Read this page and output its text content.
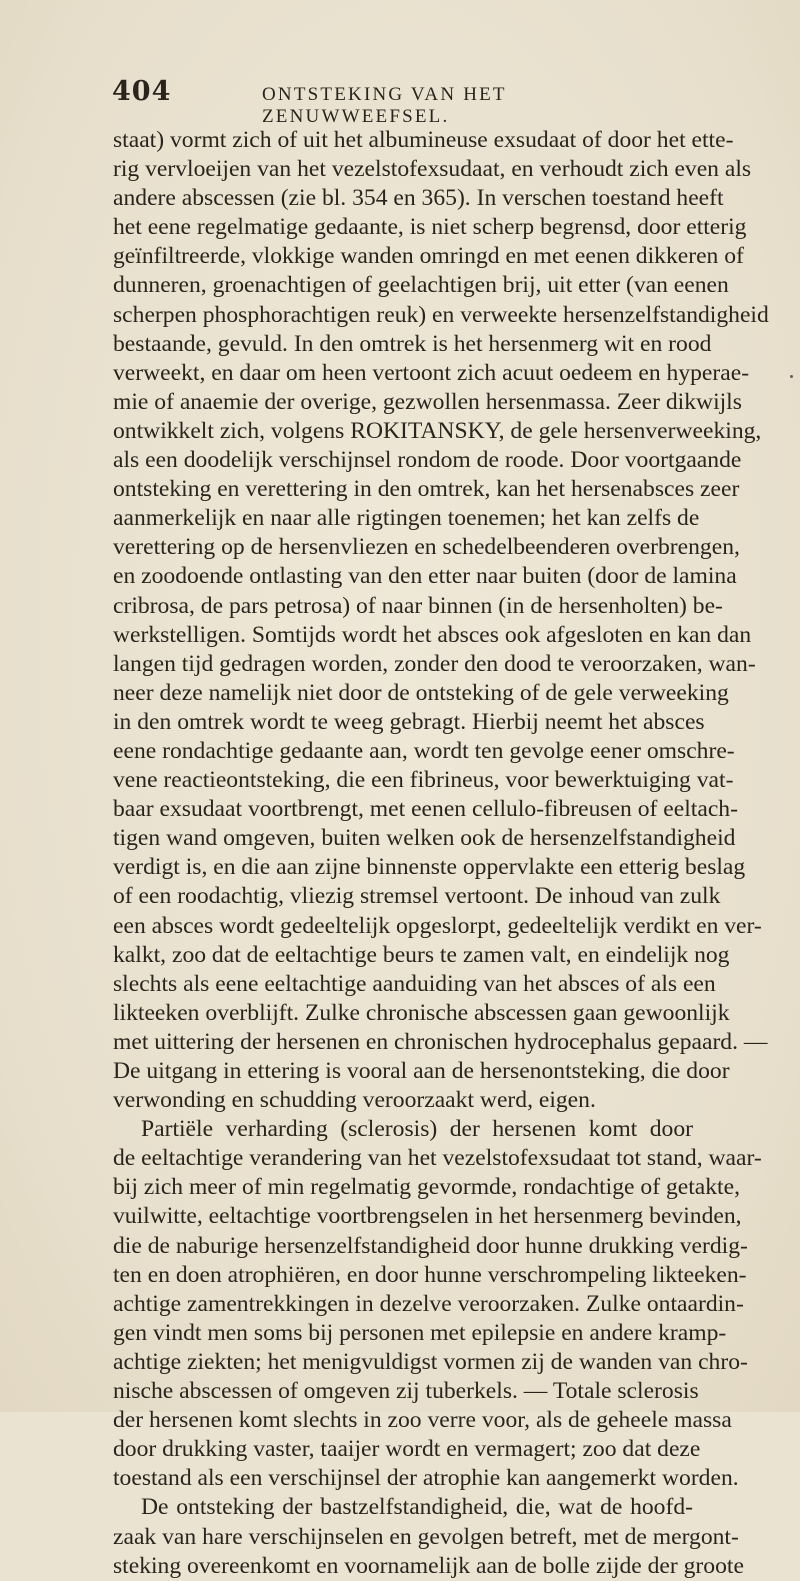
404	ONTSTEKING VAN HET ZENUWWEEFSEL.
staat) vormt zich of uit het albumineuse exsudaat of door het ette-
rig vervloeijen van het vezelstofexsudaat, en verhoudt zich even als
andere abscessen (zie bl. 354 en 365). In verschen toestand heeft
het eene regelmatige gedaante, is niet scherp begrensd, door etterig
geïnfiltreerde, vlokkige wanden omringd en met eenen dikkeren of
dunneren, groenachtigen of geelachtigen brij, uit etter (van eenen
scherpen phosphorachtigen reuk) en verweekte hersenzelfstandigheid
bestaande, gevuld. In den omtrek is het hersenmerg wit en rood
verweekt, en daar om heen vertoont zich acuut oedeem en hyperae-
mie of anaemie der overige, gezwollen hersenmassa. Zeer dikwijls
ontwikkelt zich, volgens ROKITANSKY, de gele hersenverweeking,
als een doodelijk verschijnsel rondom de roode. Door voortgaande
ontsteking en verettering in den omtrek, kan het hersenabsces zeer
aanmerkelijk en naar alle rigtingen toenemen; het kan zelfs de
verettering op de hersenvliezen en schedelbeenderen overbrengen,
en zoodoende ontlasting van den etter naar buiten (door de lamina
cribrosa, de pars petrosa) of naar binnen (in de hersenholten) be-
werkstelligen. Somtijds wordt het absces ook afgesloten en kan dan
langen tijd gedragen worden, zonder den dood te veroorzaken, wan-
neer deze namelijk niet door de ontsteking of de gele verweeking
in den omtrek wordt te weeg gebragt. Hierbij neemt het absces
eene rondachtige gedaante aan, wordt ten gevolge eener omschre-
vene reactieontsteking, die een fibrineus, voor bewerktuiging vat-
baar exsudaat voortbrengt, met eenen cellulo-fibreusen of eeltach-
tigen wand omgeven, buiten welken ook de hersenzelfstandigheid
verdigt is, en die aan zijne binnenste oppervlakte een etterig beslag
of een roodachtig, vliezig stremsel vertoont. De inhoud van zulk
een absces wordt gedeeltelijk opgeslorpt, gedeeltelijk verdikt en ver-
kalkt, zoo dat de eeltachtige beurs te zamen valt, en eindelijk nog
slechts als eene eeltachtige aanduiding van het absces of als een
likteeken overblijft. Zulke chronische abscessen gaan gewoonlijk
met uittering der hersenen en chronischen hydrocephalus gepaard. —
De uitgang in ettering is vooral aan de hersenontsteking, die door
verwonding en schudding veroorzaakt werd, eigen.
Partiële verharding (sclerosis) der hersenen komt door
de eeltachtige verandering van het vezelstofexsudaat tot stand, waar-
bij zich meer of min regelmatig gevormde, rondachtige of getakte,
vuilwitte, eeltachtige voortbrengselen in het hersenmerg bevinden,
die de naburige hersenzelfstandigheid door hunne drukking verdig-
ten en doen atrophiëren, en door hunne verschrompeling likteeken-
achtige zamentrekkingen in dezelve veroorzaken. Zulke ontaardin-
gen vindt men soms bij personen met epilepsie en andere kramp-
achtige ziekten; het menigvuldigst vormen zij de wanden van chro-
nische abscessen of omgeven zij tuberkels. — Totale sclerosis
der hersenen komt slechts in zoo verre voor, als de geheele massa
door drukking vaster, taaijer wordt en vermagert; zoo dat deze
toestand als een verschijnsel der atrophie kan aangemerkt worden.
De ontsteking der bastzelfstandigheid, die, wat de hoofd-
zaak van hare verschijnselen en gevolgen betreft, met de mergont-
steking overeenkomt en voornamelijk aan de bolle zijde der groote
